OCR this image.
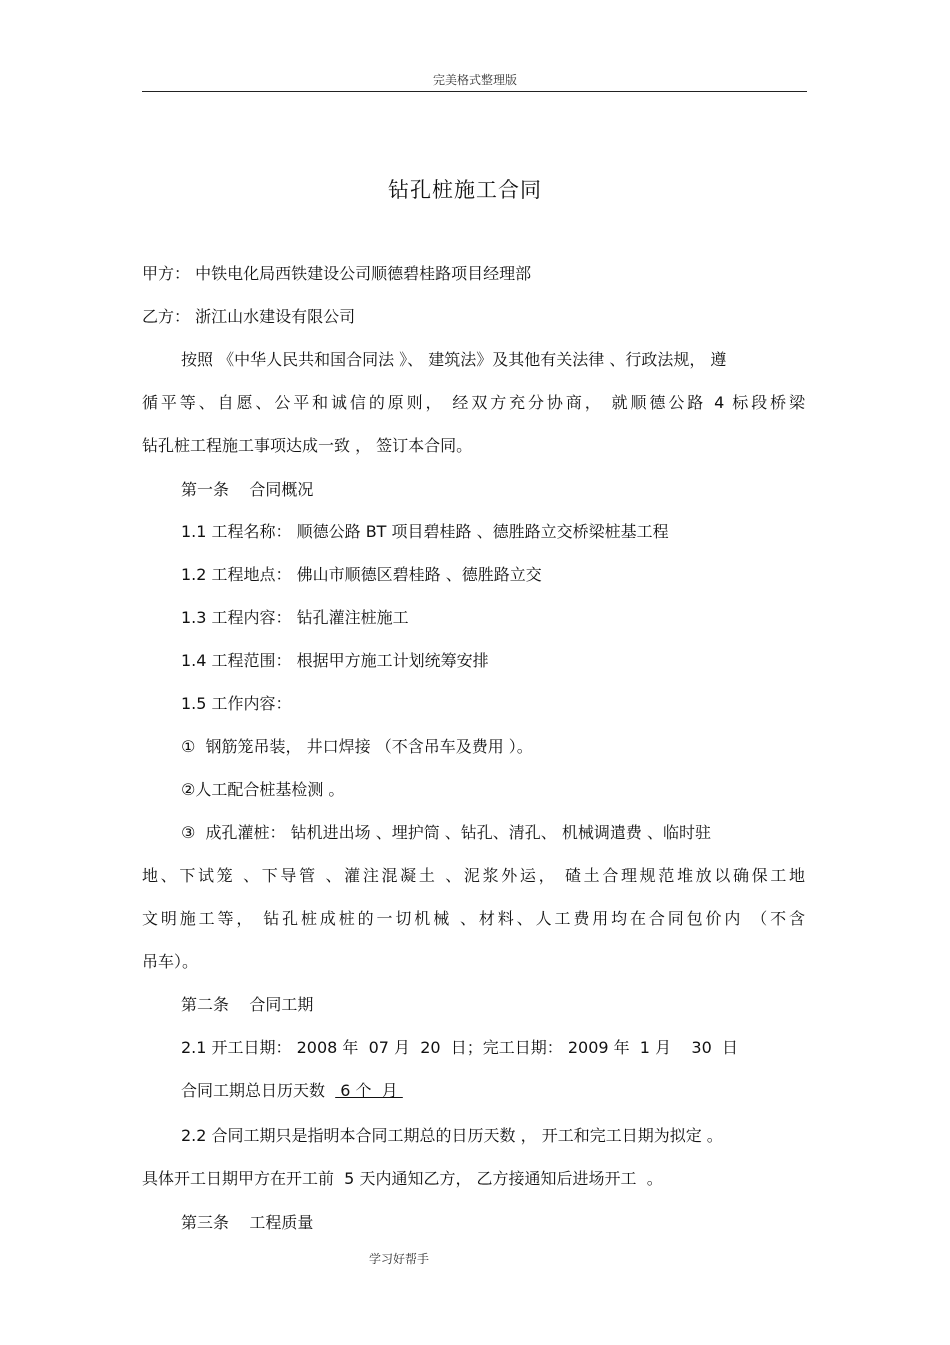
完美格式整理版
钻孔桩施工合同
甲方： 中铁电化局西铁建设公司顺德碧桂路项目经理部
乙方： 浙江山水建设有限公司
按照 《中华人民共和国合同法 》、 建筑法》及其他有关法律 、行政法规， 遵
循平等、自愿、公平和诚信的原则， 经双方充分协商， 就顺德公路 4 标段桥梁
钻孔桩工程施工事项达成一致 ， 签订本合同。
第一条    合同概况
1.1 工程名称： 顺德公路 BT 项目碧桂路 、德胜路立交桥梁桩基工程
1.2 工程地点： 佛山市顺德区碧桂路 、德胜路立交
1.3 工程内容： 钻孔灌注桩施工
1.4 工程范围： 根据甲方施工计划统筹安排
1.5 工作内容：
①  钢筋笼吊装， 井口焊接 （不含吊车及费用 ）。
②人工配合桩基检测 。
③  成孔灌桩： 钻机进出场 、埋护筒 、钻孔、清孔、 机械调遣费 、临时驻
地、下试笼 、下导管 、灌注混凝土 、泥浆外运， 碴土合理规范堆放以确保工地
文明施工等， 钻孔桩成桩的一切机械 、材料、人工费用均在合同包价内 （不含
吊车）。
第二条    合同工期
2.1 开工日期： 2008 年  07 月  20  日；完工日期： 2009 年  1 月    30  日
合同工期总日历天数   6 个  月
2.2 合同工期只是指明本合同工期总的日历天数 ， 开工和完工日期为拟定 。
具体开工日期甲方在开工前  5 天内通知乙方， 乙方接通知后进场开工  。
第三条    工程质量
学习好帮手
